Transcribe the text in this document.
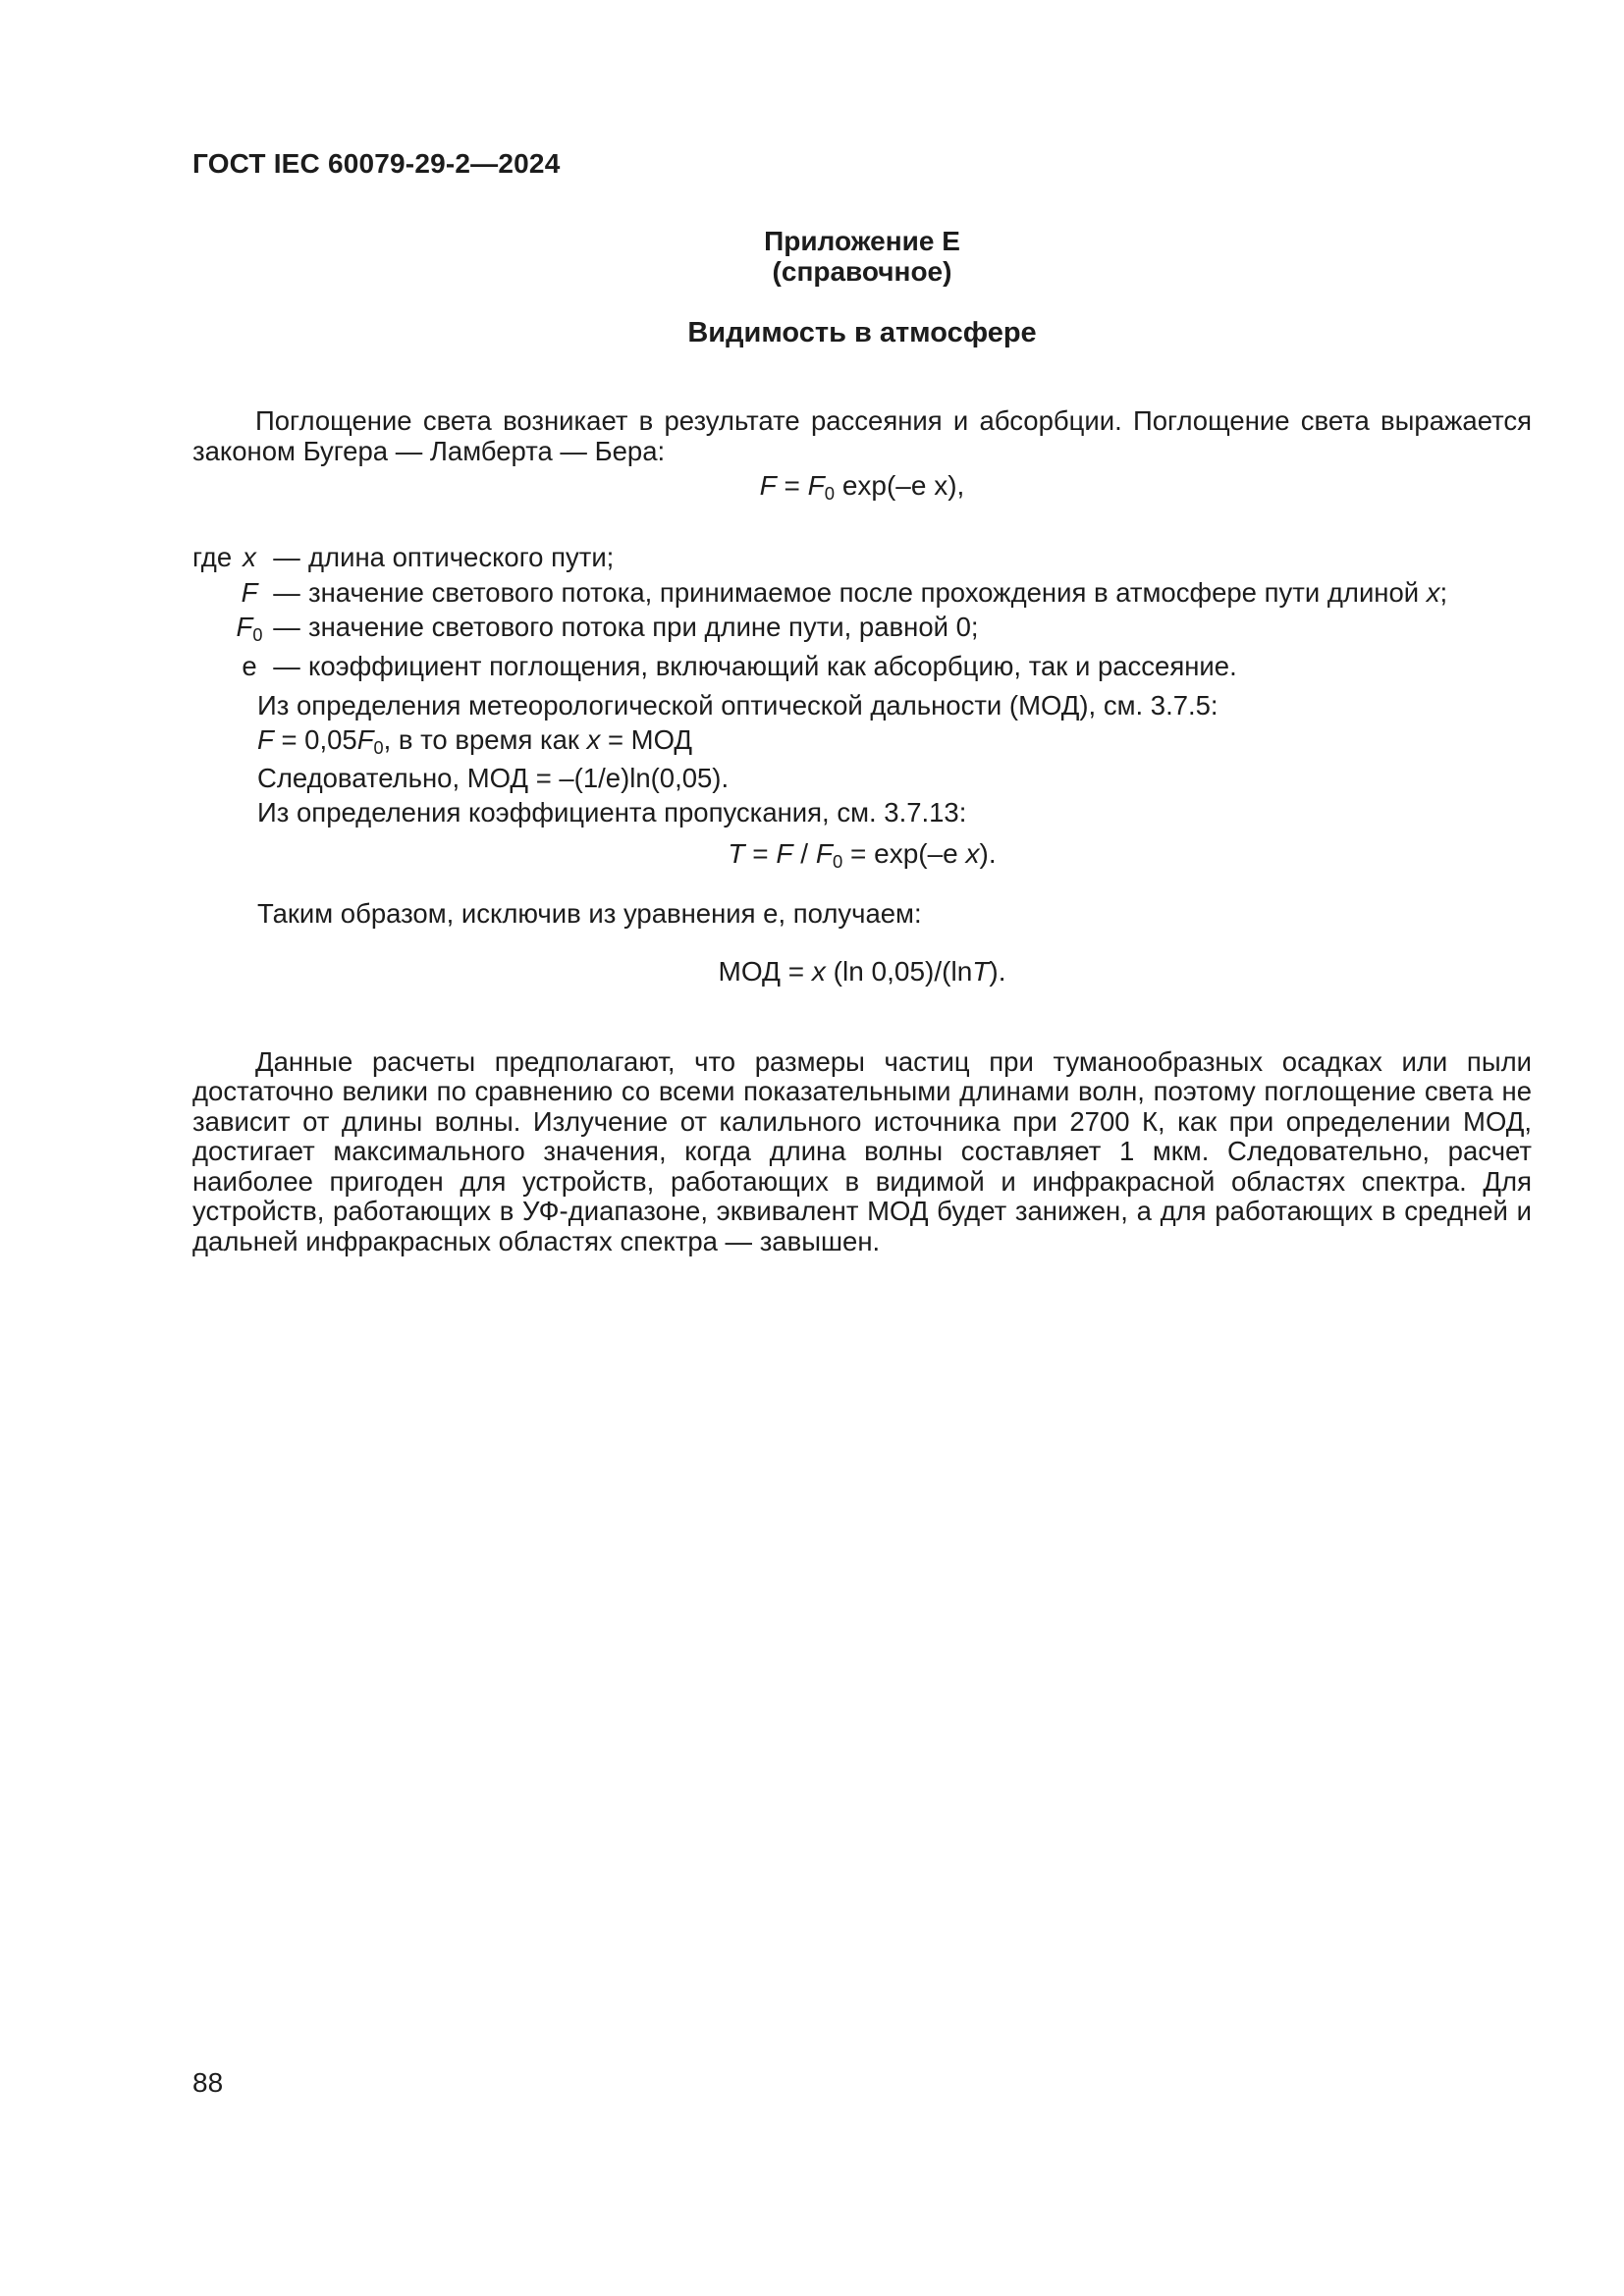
ГОСТ IEC 60079-29-2—2024
Приложение Е
(справочное)
Видимость в атмосфере

Поглощение света возникает в результате рассеяния и абсорбции. Поглощение света выражается законом Бугера — Ламберта — Бера:

F = F0 exp(–e x),
где x — длина оптического пути;
F — значение светового потока, принимаемое после прохождения в атмосфере пути длиной x;
F0 — значение светового потока при длине пути, равной 0;
е — коэффициент поглощения, включающий как абсорбцию, так и рассеяние.
Из определения метеорологической оптической дальности (МОД), см. 3.7.5:
F = 0,05F0, в то время как x = МОД
Следовательно, МОД = –(1/e)ln(0,05).
Из определения коэффициента пропускания, см. 3.7.13:
T = F / F0 = exp(–e x).

Таким образом, исключив из уравнения е, получаем:

МОД = x (ln 0,05)/(lnT).

Данные расчеты предполагают, что размеры частиц при туманообразных осадках или пыли достаточно велики по сравнению со всеми показательными длинами волн, поэтому поглощение света не зависит от длины волны. Излучение от калильного источника при 2700 К, как при определении МОД, достигает максимального значения, когда длина волны составляет 1 мкм. Следовательно, расчет наиболее пригоден для устройств, работающих в видимой и инфракрасной областях спектра. Для устройств, работающих в УФ-диапазоне, эквивалент МОД будет занижен, а для работающих в средней и дальней инфракрасных областях спектра — завышен.

88
